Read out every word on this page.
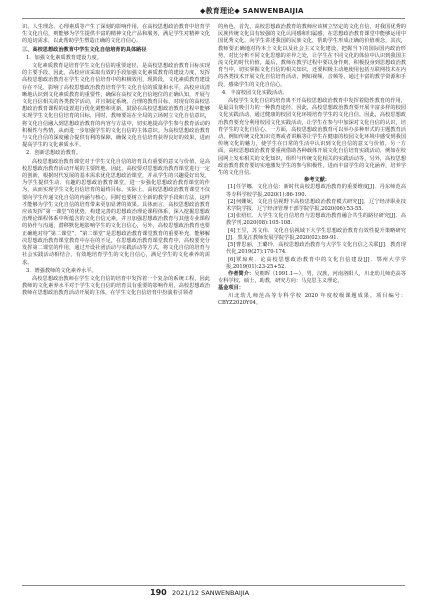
◆教育理论◆ SANWENBAIJIA

识、人生理念、心理素质等产生了深刻的影响作用，在高校思想政治教育中培育学生文化自信，则能够为学生提供丰富的精神文化产品和服务，满足学生对精神文化的追切需求，以此帮助学生塑造正确的文化自信心。

三、高校思想政治教育中学生文化自信培育的具体路径

1．加强文化素质教育建设力度。

文化素质教育是培育学生文化自信的重要途径，是高校思想政治教育目标实现的主要手段，因此，高校应该采取有效的手段加强文化素质教育的建设力度，发挥高校思想政治教育在学生文化自信培育中的积极效用，现阶段，文化素质教育建设存在不足，影响了高校思想政治教育培育学生文化自信的质量和水平。高校应该清晰地认识到文化素质教育的重要性，确保在高校文化自信地位的正确认知，开展与文化自信相关的各类教学活动，并且制定系统、合理的教育目标，对现有的高校思想政治教育课程的设置进行优化调整和更新，鼓励在高校思想政治教育过程中能够实现学生文化自信培育的目标，同时，教师要站在全局的立场树立文化自信意识，将文化自信融入到思想政治教育的内容与方法中，切实地提高学生参与教育活动的积极性与热情，从而进一步加强学生的文化自信的主体意识。为高校思想政治教育与文化自信的深度融合提供有利的保障，确保文化自信培育获得良好的效果，进而提高学生的文化素质水平。

2．创新思想政治教育。

高校思想政治教育课堂对于学生文化自信的培育具有重要的意义与价值，是高校思想政治教育活动开展的主要阵地，因此，高校要对思想政治教育课堂进行一定的创新，根据时代发展的基本需求优化思想政治课堂，并从学生的兴趣爱好出发，为学生提供生动、有趣的思想政治教育课堂，进一步强化思想政治教育课堂的作为，从而实现学生文化自信培育的最终目标。实际上，高校思想政治教育课堂不仅要向学生传递文化自信的内涵与核心，同时也要树立全新的教学手段和方法，这样才能够为学生文化自信的培育带来更加显著的效果。具体而言，高校思想政治教育应该发挥“第一课堂”的优势，构建完善的思想政治理论课程体系，深入挖掘思想政治理论课程体系中所蕴含的文化自信元素，并且加强思想政治教育与其他专业课程的协作与沟通，潜移默化地影响学生的文化自信心，另外，高校思想政治教育也要正确地对待“第二课堂”、“第二课堂”是思想政治教育课堂教育的重要补充，能够解决思想政治教育课堂教育中存在的不足，在思想政治教育课堂教育中，高校要充分发挥第二课堂的作用，通过开设社团活动与实践活动等方式，将文化自信的培育与社会实践活动相结合，有效地培育学生的文化自信心，满足学生的文化素养的需求。

3．增强教师的文化素养水平。

高校思想政治教师在学生文化自信的培育中发挥着一个复杂的系统工程，因此教师的文化素养水平对于学生文化自信的培育具有重要的影响作用，高校思想政治教师在思想政治教育活动开展的主体，在学生文化自信培育中扮演着引领者

的角色，首先，高校思想政治教育的教师应该树立坚定的文化自信，对我国优秀的民族传统文化具有较强的文化认同感和归属感，在思想政治教育课堂中能够运用中国优秀文化，向学生讲述我国的民族文化，帮助学生形成正确的价值观念，其次，教师要正确地对待本土文化以及社会主义文化建设，把握当下的国际国内政治形势，对比分析不同文化思想的差异之处，让学生在不同文化的体验中认识到我国主流文化的时代价值，最后，教师在教学过程中要以身作则，积极投身到思想政治教育当中，切实掌握文化自信的相关知识，还要积极主动地使用包括互联网技术在内的各类技术开展文化自信培育活动，例如视频、音频等，通过丰富的教学资源和手段，感染学生的文化自信心。

4．丰富校园文化实践活动。

高校学生文化自信的培育离不开高校思想政治教育中发挥着隐性教育的作用，是最具有吸引力的一种教育途径，因此，高校思想政治教育要开展丰富多样的校园文化实践活动，通过健康的校园文化环境培育学生的文化自信。因此，高校思想政治教育要充分利用校园文化实践活动，让学生在参与中加深对文化自信的认识，培育学生的文化自信心，一方面，高校思想政治教育可以举办多种形式的主题教育活动，例如传统文化知识竞赛或者讲解等让学生在健康的校园文化环境中感受到我国传统文化的魅力，使学生在日常的生活中认识到文化自信的意义与价值，另一方面，高校思想政治教育要重视借助各种载体开展文化自信培育实践活动，例如在校园网上发布相关的文化知识，组织与传统文化相关的实践活动等，另外，高校思想政治教育教育要切实地激发学生的参与积极性，进而丰富学生的文化涵养，培养学生的文化自信。

参考文献：

[1] 任学娜．文化自信：新时代高校思想政治教育的重要维度[J]．丹东师范高等专科学校学报,2020(1):86-190.

[2] 何姗妮，文化自信视野下高校思想政治教育模式研究[J]．辽宁经济职业技术学院学报．辽宁经济管理干部学院学报,2020(06):53-55.

[3] 张绍红．大学生文化自信培育与思想政治教育融合共生的路径研究[J]．高教学刊,2020(08):105-108.

[4] 王昱，苏文伟．文化自信视域下大学生思想政治教育有效性提升策略研究[J]．黑龙江教师发展学院学报,2020(02):89-91.

[5] 曹思丽，王璐玲．高校思想政治教育与大学生文化自信之关联[J]．教育现代化,2019(27):170-174.

[6] 覃琼爽．论高校思想政治教育中的文化自信建设[J]．鄂州大学学报,2019(01):23-25+52.

作者简介：吴朝晖（1991.1—），男，汉族，河南洛阳人，川北幼儿师范高等专科学校，硕士，助教，研究方向：马克思主义理论。

基金项目：

川北幼儿师范高等专科学校 2020 年度校级课题成果。项目编号：CBYZ2020Y04。

190 2021/12 SANWENBAIJIA
